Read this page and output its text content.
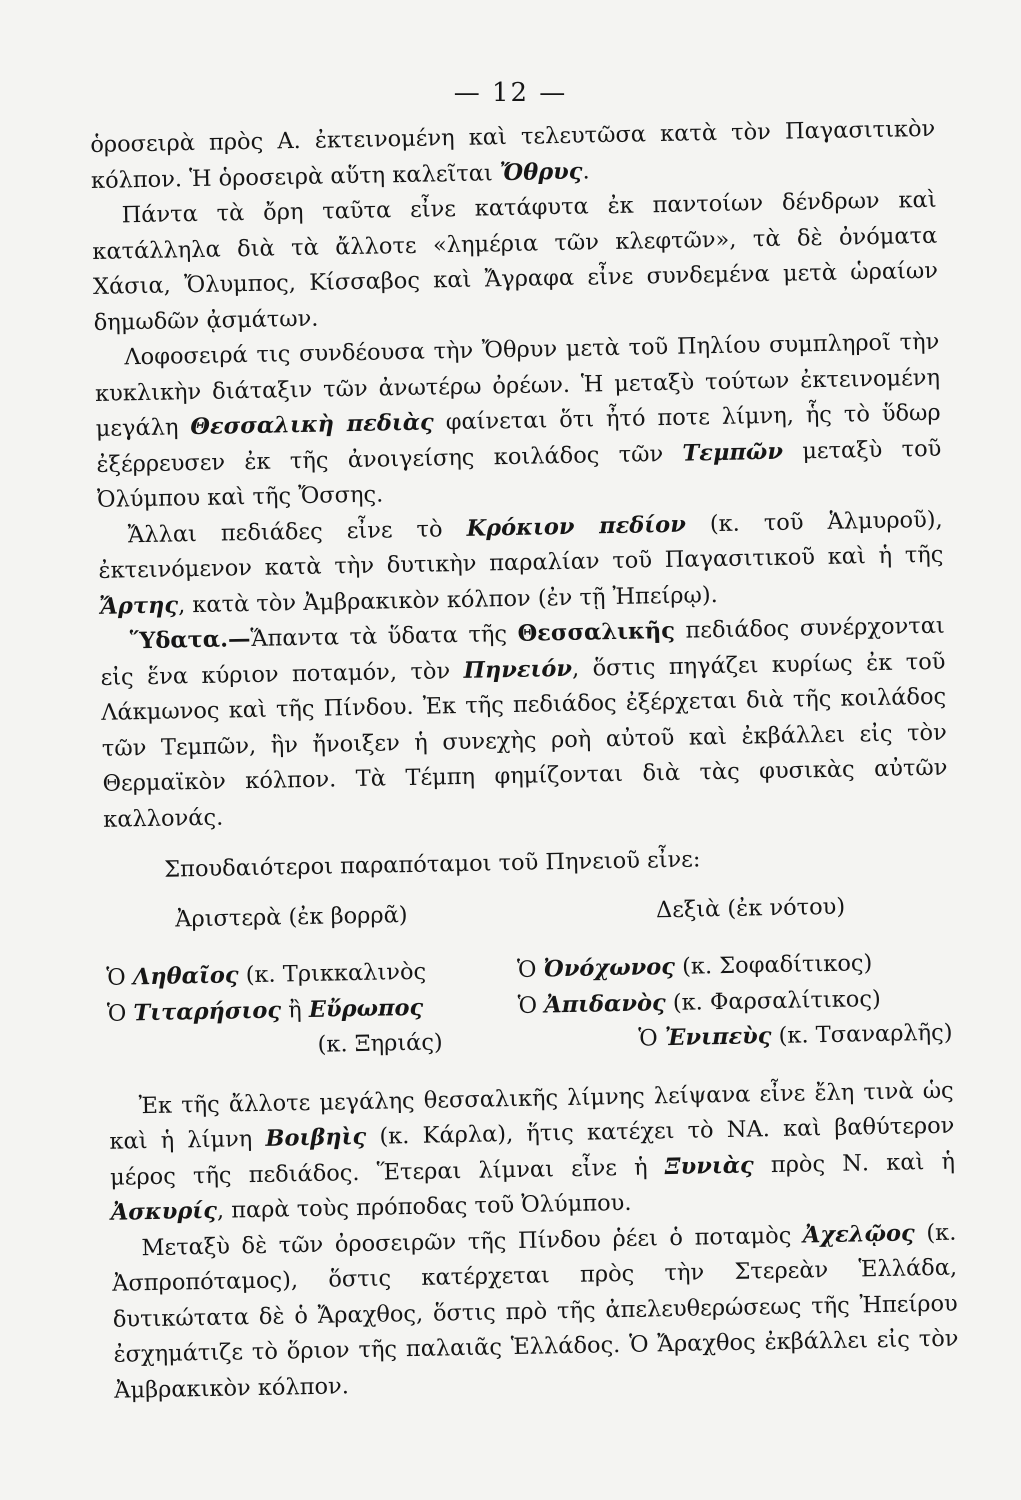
— 12 —

ὁροσειρὰ πρὸς Α. ἐκτεινομένη καὶ τελευτῶσα κατὰ τὸν Παγασιτικὸν κόλπον. Ἡ ὁροσειρὰ αὕτη καλεῖται Ὄθρυς.

Πάντα τὰ ὄρη ταῦτα εἶνε κατάφυτα ἐκ παντοίων δένδρων καὶ κατάλληλα διὰ τὰ ἄλλοτε «λημέρια τῶν κλεφτῶν», τὰ δὲ ὀνόματα Χάσια, Ὄλυμπος, Κίσσαβος καὶ Ἄγραφα εἶνε συνδεμένα μετὰ ὡραίων δημωδῶν ᾀσμάτων.

Λοφοσειρά τις συνδέουσα τὴν Ὄθρυν μετὰ τοῦ Πηλίου συμπληροῖ τὴν κυκλικὴν διάταξιν τῶν ἀνωτέρω ὀρέων. Ἡ μεταξὺ τούτων ἐκτεινομένη μεγάλη Θεσσαλικὴ πεδιὰς φαίνεται ὅτι ἦτό ποτε λίμνη, ἧς τὸ ὕδωρ ἐξέρρευσεν ἐκ τῆς ἀνοιγείσης κοιλάδος τῶν Τεμπῶν μεταξὺ τοῦ Ὀλύμπου καὶ τῆς Ὄσσης.

Ἄλλαι πεδιάδες εἶνε τὸ Κρόκιον πεδίον (κ. τοῦ Ἁλμυροῦ), ἐκτεινόμενον κατὰ τὴν δυτικὴν παραλίαν τοῦ Παγασιτικοῦ καὶ ἡ τῆς Ἄρτης, κατὰ τὸν Ἀμβρακικὸν κόλπον (ἐν τῇ Ἠπείρῳ).

Ὕδατα.—Ἅπαντα τὰ ὕδατα τῆς Θεσσαλικῆς πεδιάδος συνέρχονται εἰς ἕνα κύριον ποταμόν, τὸν Πηνειόν, ὅστις πηγάζει κυρίως ἐκ τοῦ Λάκμωνος καὶ τῆς Πίνδου. Ἐκ τῆς πεδιάδος ἐξέρχεται διὰ τῆς κοιλάδος τῶν Τεμπῶν, ἣν ἤνοιξεν ἡ συνεχὴς ροὴ αὐτοῦ καὶ ἐκβάλλει εἰς τὸν Θερμαϊκὸν κόλπον. Τὰ Τέμπη φημίζονται διὰ τὰς φυσικὰς αὐτῶν καλλονάς.

Σπουδαιότεροι παραπόταμοι τοῦ Πηνειοῦ εἶνε:
Ἀριστερὰ (ἐκ βορρᾶ)
Ὁ Ληθαῖος (κ. Τρικκαλινὸς
Ὁ Τιταρήσιος ἢ Εὔρωπος
(κ. Ξηριάς)
Δεξιὰ (ἐκ νότου)
Ὁ Ὀνόχωνος (κ. Σοφαδίτικος)
Ὁ Ἀπιδανὸς (κ. Φαρσαλίτικος)
Ὁ Ἐνιπεὺς (κ. Τσαναρλῆς)

Ἐκ τῆς ἄλλοτε μεγάλης θεσσαλικῆς λίμνης λείψανα εἶνε ἔλη τινὰ ὡς καὶ ἡ λίμνη Βοιβηὶς (κ. Κάρλα), ἥτις κατέχει τὸ ΝΑ. καὶ βαθύτερον μέρος τῆς πεδιάδος. Ἕτεραι λίμναι εἶνε ἡ Ξυνιὰς πρὸς Ν. καὶ ἡ Ἀσκυρίς, παρὰ τοὺς πρόποδας τοῦ Ὀλύμπου.

Μεταξὺ δὲ τῶν ὀροσειρῶν τῆς Πίνδου ῥέει ὁ ποταμὸς Ἀχελῷος (κ. Ἀσπροπόταμος), ὅστις κατέρχεται πρὸς τὴν Στερεὰν Ἑλλάδα, δυτικώτατα δὲ ὁ Ἄραχθος, ὅστις πρὸ τῆς ἀπελευθερώσεως τῆς Ἠπείρου ἐσχημάτιζε τὸ ὅριον τῆς παλαιᾶς Ἑλλάδος. Ὁ Ἄραχθος ἐκβάλλει εἰς τὸν Ἀμβρακικὸν κόλπον.
